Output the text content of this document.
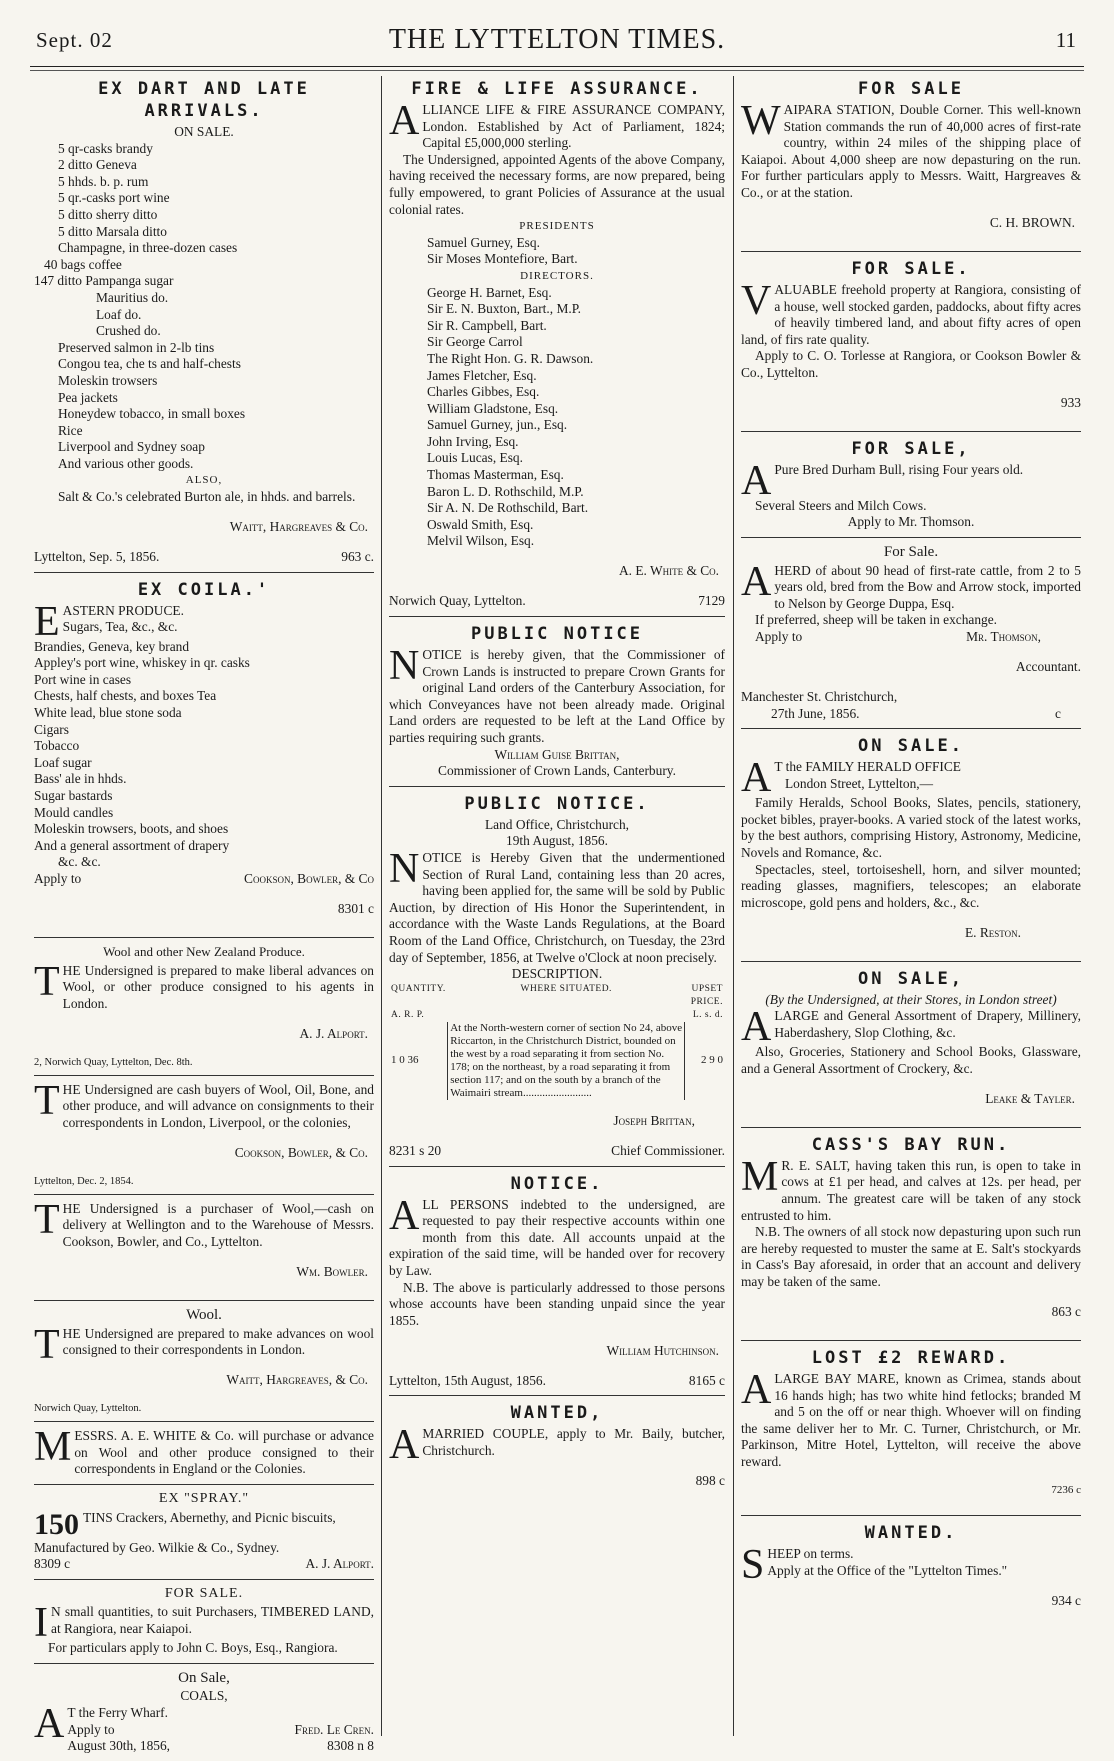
Sept. 02	THE LYTTELTON TIMES.	11
EX DART AND LATE ARRIVALS.

ON SALE.

5 qr-casks brandy

2 ditto Geneva

5 hhds. b. p. rum

5 qr.-casks port wine

5 ditto sherry ditto

5 ditto Marsala ditto

Champagne, in three-dozen cases

40 bags coffee

147 ditto Pampanga sugar

Mauritius do.

Loaf do.

Crushed do.

Preserved salmon in 2-lb tins

Congou tea, che ts and half-chests

Moleskin trowsers

Pea jackets

Honeydew tobacco, in small boxes

Rice

Liverpool and Sydney soap

And various other goods.

ALSO,

Salt & Co.'s celebrated Burton ale, in hhds. and barrels.

Waitt, Hargreaves & Co.

Lyttelton, Sep. 5, 1856.	963 c.
EX COILA.'

EASTERN PRODUCE.

Sugars, Tea, &c., &c.

Brandies, Geneva, key brand

Appley's port wine, whiskey in qr. casks

Port wine in cases

Chests, half chests, and boxes Tea

White lead, blue stone soda

Cigars

Tobacco

Loaf sugar

Bass' ale in hhds.

Sugar bastards

Mould candles

Moleskin trowsers, boots, and shoes

And a general assortment of drapery

&c. &c.

Apply to	Cookson, Bowler, & Co

8301 c

Wool and other New Zealand Produce.

THE Undersigned is prepared to make liberal advances on Wool, or other produce consigned to his agents in London.

A. J. Alport.

2, Norwich Quay, Lyttelton, Dec. 8th.

THE Undersigned are cash buyers of Wool, Oil, Bone, and other produce, and will advance on consignments to their correspondents in London, Liverpool, or the colonies,

Cookson, Bowler, & Co.

Lyttelton, Dec. 2, 1854.

THE Undersigned is a purchaser of Wool,—cash on delivery at Wellington and to the Warehouse of Messrs. Cookson, Bowler, and Co., Lyttelton.

Wm. Bowler.

Wool.

THE Undersigned are prepared to make advances on wool consigned to their correspondents in London.

Waitt, Hargreaves, & Co.

Norwich Quay, Lyttelton.

MESSRS. A. E. WHITE & Co. will purchase or advance on Wool and other produce consigned to their correspondents in England or the Colonies.

EX "SPRAY."

150 TINS Crackers, Abernethy, and Picnic biscuits,

Manufactured by Geo. Wilkie & Co., Sydney.

8309 c	A. J. Alport.

FOR SALE.

I N small quantities, to suit Purchasers, TIMBERED LAND, at Rangiora, near Kaiapoi.

For particulars apply to John C. Boys, Esq., Rangiora.

On Sale,

COALS,

A T the Ferry Wharf.

Apply to	Fred. Le Cren.
August 30th, 1856,	8308 n 8
FIRE & LIFE ASSURANCE.

ALLIANCE LIFE & FIRE ASSURANCE COMPANY, London. Established by Act of Parliament, 1824; Capital £5,000,000 sterling.

The Undersigned, appointed Agents of the above Company, having received the necessary forms, are now prepared, being fully empowered, to grant Policies of Assurance at the usual colonial rates.

PRESIDENTS

Samuel Gurney, Esq.

Sir Moses Montefiore, Bart.

DIRECTORS.

George H. Barnet, Esq.

Sir E. N. Buxton, Bart., M.P.

Sir R. Campbell, Bart.

Sir George Carrol

The Right Hon. G. R. Dawson.

James Fletcher, Esq.

Charles Gibbes, Esq.

William Gladstone, Esq.

Samuel Gurney, jun., Esq.

John Irving, Esq.

Louis Lucas, Esq.

Thomas Masterman, Esq.

Baron L. D. Rothschild, M.P.

Sir A. N. De Rothschild, Bart.

Oswald Smith, Esq.

Melvil Wilson, Esq.

A. E. White & Co.

Norwich Quay, Lyttelton.	7129
PUBLIC NOTICE

NOTICE is hereby given, that the Commissioner of Crown Lands is instructed to prepare Crown Grants for original Land orders of the Canterbury Association, for which Conveyances have not been already made. Original Land orders are requested to be left at the Land Office by parties requiring such grants.

William Guise Brittan,

Commissioner of Crown Lands, Canterbury.

PUBLIC NOTICE.

Land Office, Christchurch,

19th August, 1856.

NOTICE is Hereby Given that the undermentioned Section of Rural Land, containing less than 20 acres, having been applied for, the same will be sold by Public Auction, by direction of His Honor the Superintendent, in accordance with the Waste Lands Regulations, at the Board Room of the Land Office, Christchurch, on Tuesday, the 23rd day of September, 1856, at Twelve o'Clock at noon precisely.

DESCRIPTION.

QUANTITY.	WHERE SITUATED.	UPSET PRICE.
A. R. P.		L. s. d.
1 0 36	At the North-western corner of section No 24, above Riccarton, in the Christchurch District, bounded on the west by a road separating it from section No. 178; on the northeast, by a road separating it from section 117; and on the south by a branch of the Waimairi stream.........................	2 9 0

Joseph Brittan,

8231 s 20	Chief Commissioner.
NOTICE.

ALL PERSONS indebted to the undersigned, are requested to pay their respective accounts within one month from this date. All accounts unpaid at the expiration of the said time, will be handed over for recovery by Law.

N.B. The above is particularly addressed to those persons whose accounts have been standing unpaid since the year 1855.

William Hutchinson.

Lyttelton, 15th August, 1856.	8165 c
WANTED,

AMARRIED COUPLE, apply to Mr. Baily, butcher, Christchurch.

898 c

FOR SALE

WAIPARA STATION, Double Corner. This well-known Station commands the run of 40,000 acres of first-rate country, within 24 miles of the shipping place of Kaiapoi. About 4,000 sheep are now depasturing on the run. For further particulars apply to Messrs. Waitt, Hargreaves & Co., or at the station.

C. H. BROWN.

FOR SALE.

VALUABLE freehold property at Rangiora, consisting of a house, well stocked garden, paddocks, about fifty acres of heavily timbered land, and about fifty acres of open land, of firs rate quality.

Apply to C. O. Torlesse at Rangiora, or Cookson Bowler & Co., Lyttelton.

933

FOR SALE,

A Pure Bred Durham Bull, rising Four years old.

Several Steers and Milch Cows.

Apply to Mr. Thomson.

For Sale.

AHERD of about 90 head of first-rate cattle, from 2 to 5 years old, bred from the Bow and Arrow stock, imported to Nelson by George Duppa, Esq.

If preferred, sheep will be taken in exchange.

Apply to	Mr. Thomson,

Accountant.

Manchester St. Christchurch,

27th June, 1856.	c
ON SALE.

A T the FAMILY HERALD OFFICE

London Street, Lyttelton,—

Family Heralds, School Books, Slates, pencils, stationery, pocket bibles, prayer-books. A varied stock of the latest works, by the best authors, comprising History, Astronomy, Medicine, Novels and Romance, &c.

Spectacles, steel, tortoiseshell, horn, and silver mounted; reading glasses, magnifiers, telescopes; an elaborate microscope, gold pens and holders, &c., &c.

E. Reston.

ON SALE,

(By the Undersigned, at their Stores, in London street)

ALARGE and General Assortment of Drapery, Millinery, Haberdashery, Slop Clothing, &c.

Also, Groceries, Stationery and School Books, Glassware, and a General Assortment of Crockery, &c.

Leake & Tayler.

CASS'S BAY RUN.

M R. E. SALT, having taken this run, is open to take in cows at £1 per head, and calves at 12s. per head, per annum. The greatest care will be taken of any stock entrusted to him.

N.B. The owners of all stock now depasturing upon such run are hereby requested to muster the same at E. Salt's stockyards in Cass's Bay aforesaid, in order that an account and delivery may be taken of the same.

863 c

LOST £2 REWARD.

ALARGE BAY MARE, known as Crimea, stands about 16 hands high; has two white hind fetlocks; branded M and 5 on the off or near thigh. Whoever will on finding the same deliver her to Mr. C. Turner, Christchurch, or Mr. Parkinson, Mitre Hotel, Lyttelton, will receive the above reward.

7236 c

WANTED.

SHEEP on terms.

Apply at the Office of the "Lyttelton Times."

934 c
